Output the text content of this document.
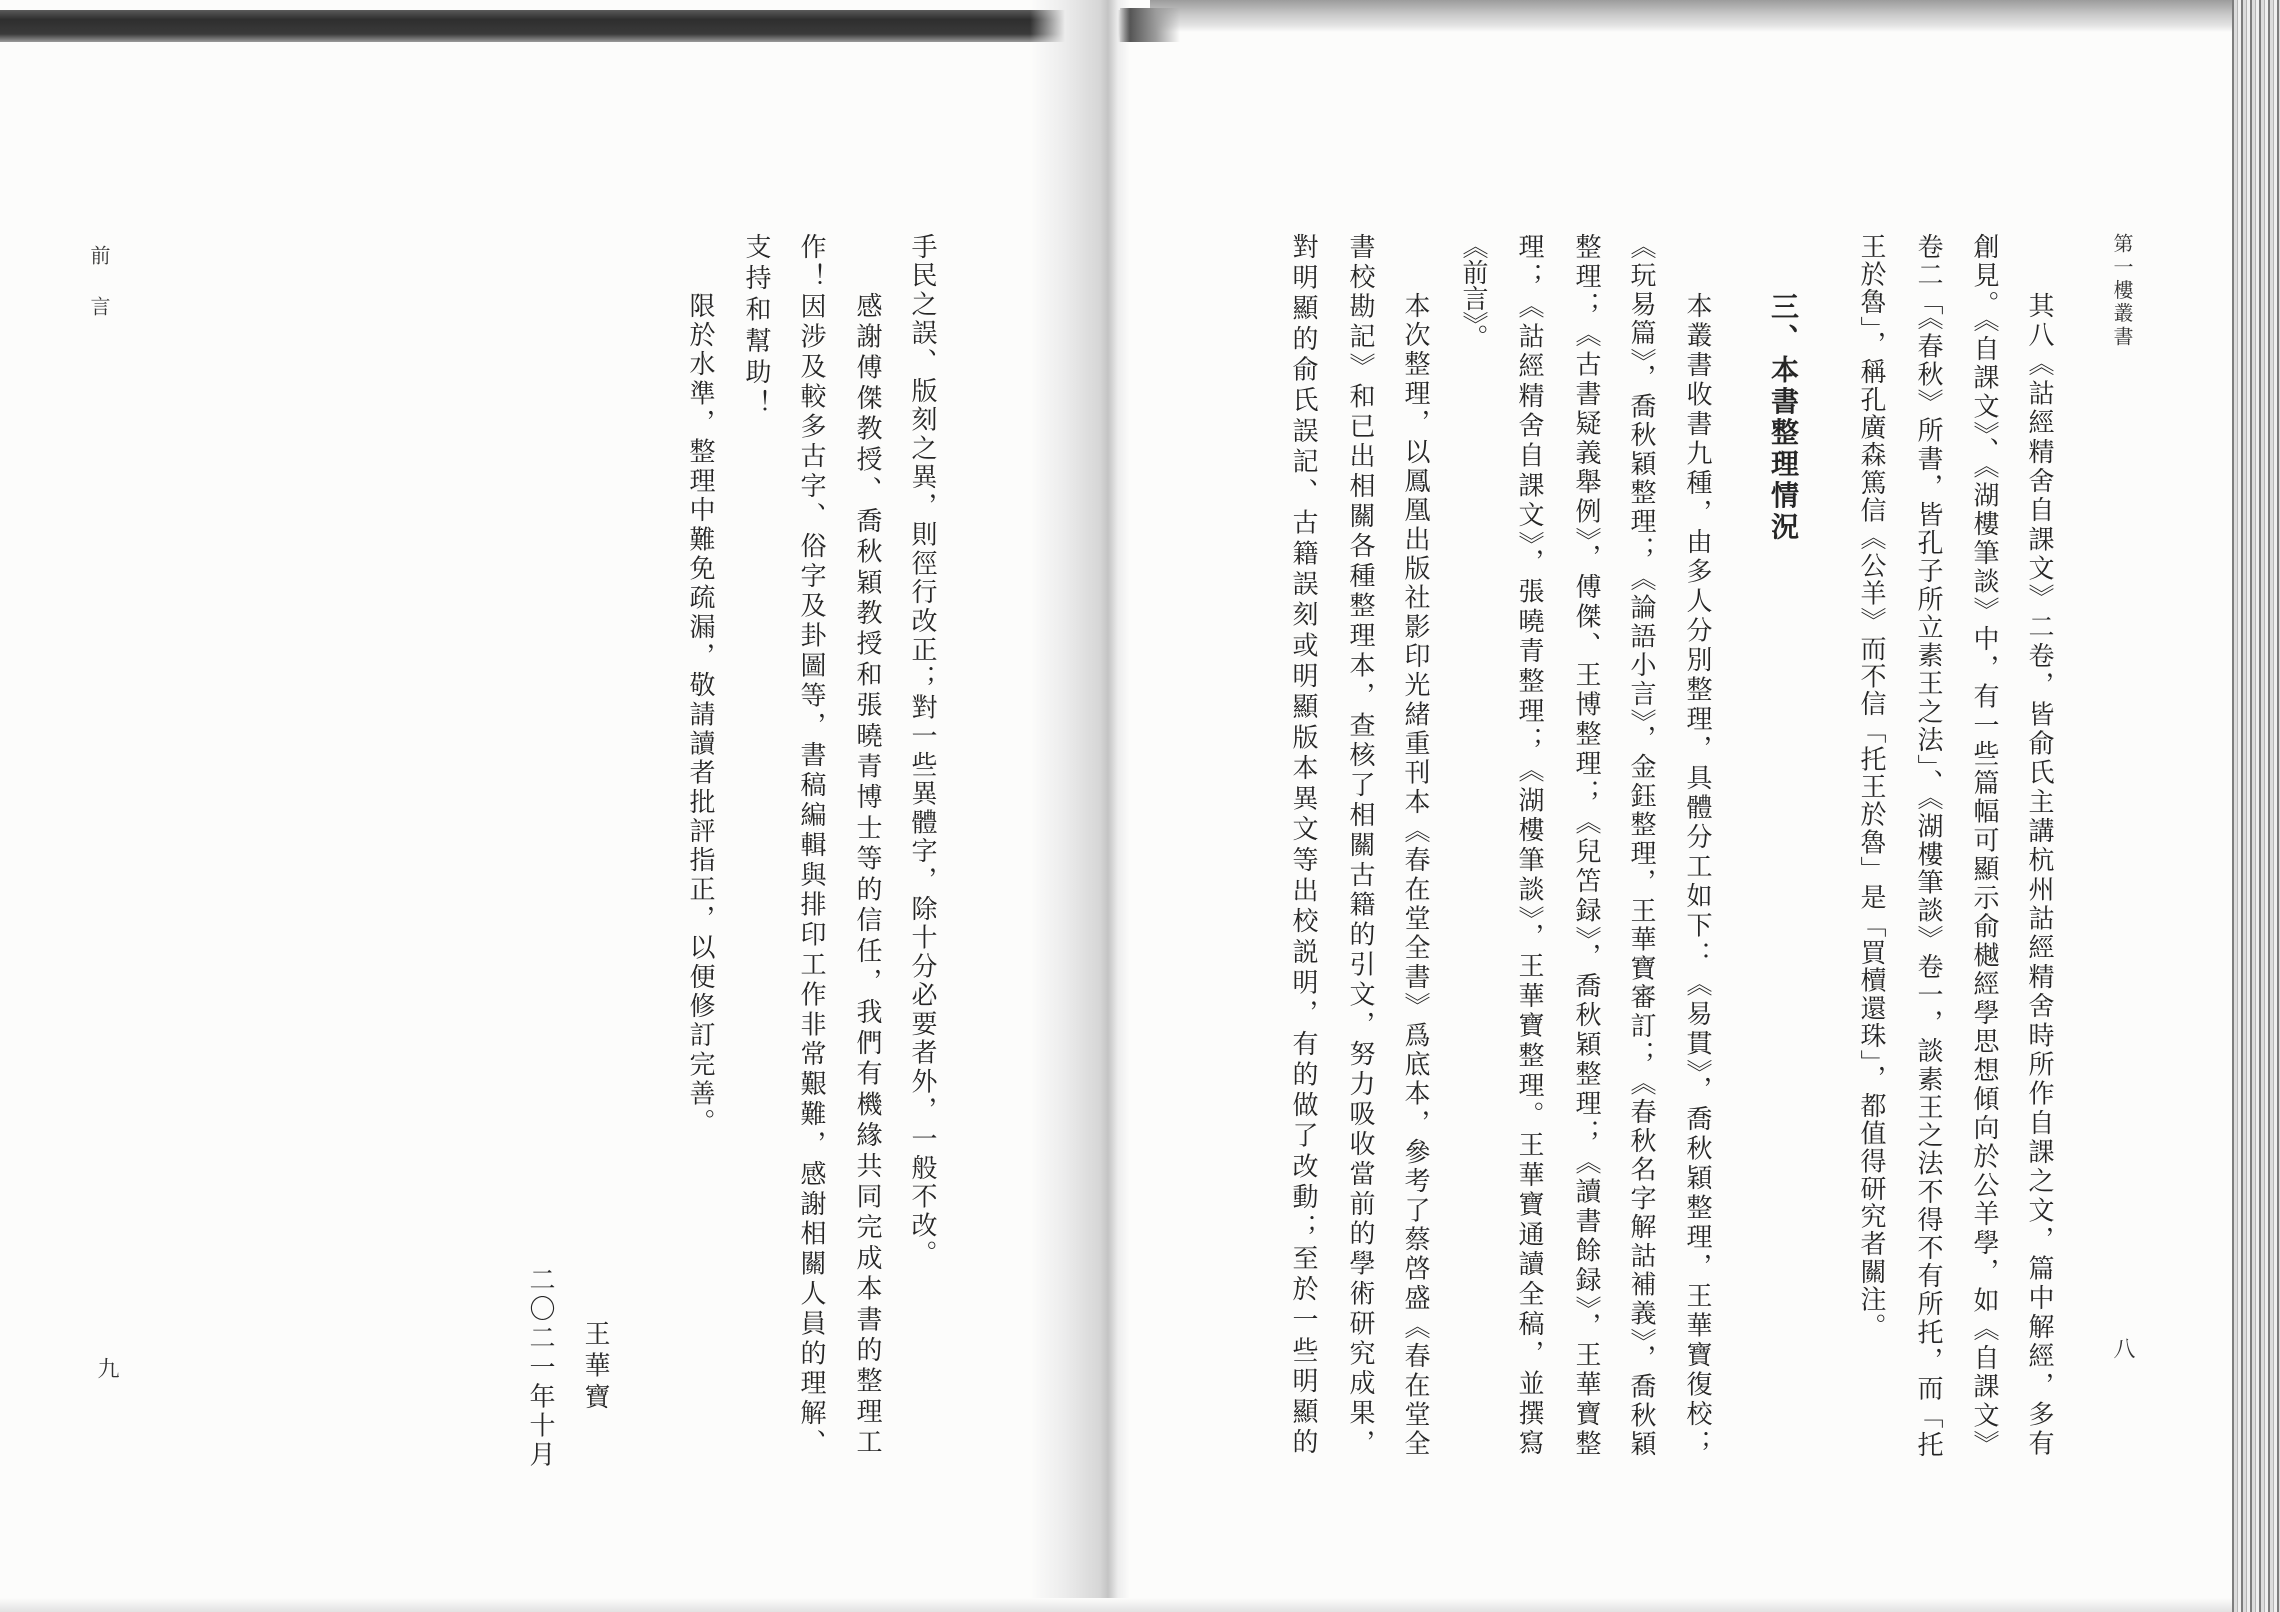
第一樓叢書
其八《詁經精舍自課文》二卷，皆俞氏主講杭州詁經精舍時所作自課之文，篇中解經，多有
創見。《自課文》、《湖樓筆談》中，有一些篇幅可顯示俞樾經學思想傾向於公羊學，如《自課文》
卷二「《春秋》所書，皆孔子所立素王之法」、《湖樓筆談》卷一，談素王之法不得不有所托，而「托
王於魯」，稱孔廣森篤信《公羊》而不信「托王於魯」是「買櫝還珠」，都值得研究者關注。
三、本書整理情況
本叢書收書九種，由多人分別整理，具體分工如下：《易貫》，喬秋穎整理，王華寶復校；
《玩易篇》，喬秋穎整理；《論語小言》，金鈺整理，王華寶審訂；《春秋名字解詁補義》，喬秋穎
整理；《古書疑義舉例》，傅傑、王博整理；《兒笘録》，喬秋穎整理；《讀書餘録》，王華寶整
理；《詁經精舍自課文》，張曉青整理；《湖樓筆談》，王華寶整理。王華寶通讀全稿，並撰寫
《前言》。
本次整理，以鳳凰出版社影印光緒重刊本《春在堂全書》爲底本，參考了蔡啓盛《春在堂全
書校勘記》和已出相關各種整理本，查核了相關古籍的引文，努力吸收當前的學術研究成果，
對明顯的俞氏誤記、古籍誤刻或明顯版本異文等出校説明，有的做了改動；至於一些明顯的	八
前言	手民之誤、版刻之異，則徑行改正；對一些異體字，除十分必要者外，一般不改。
感謝傅傑教授、喬秋穎教授和張曉青博士等的信任，我們有機緣共同完成本書的整理工
作！因涉及較多古字、俗字及卦圖等，書稿編輯與排印工作非常艱難，感謝相關人員的理解、
支持和幫助！
限於水準，整理中難免疏漏，敬請讀者批評指正，以便修訂完善。
王華寶
二〇二一年十月
九
